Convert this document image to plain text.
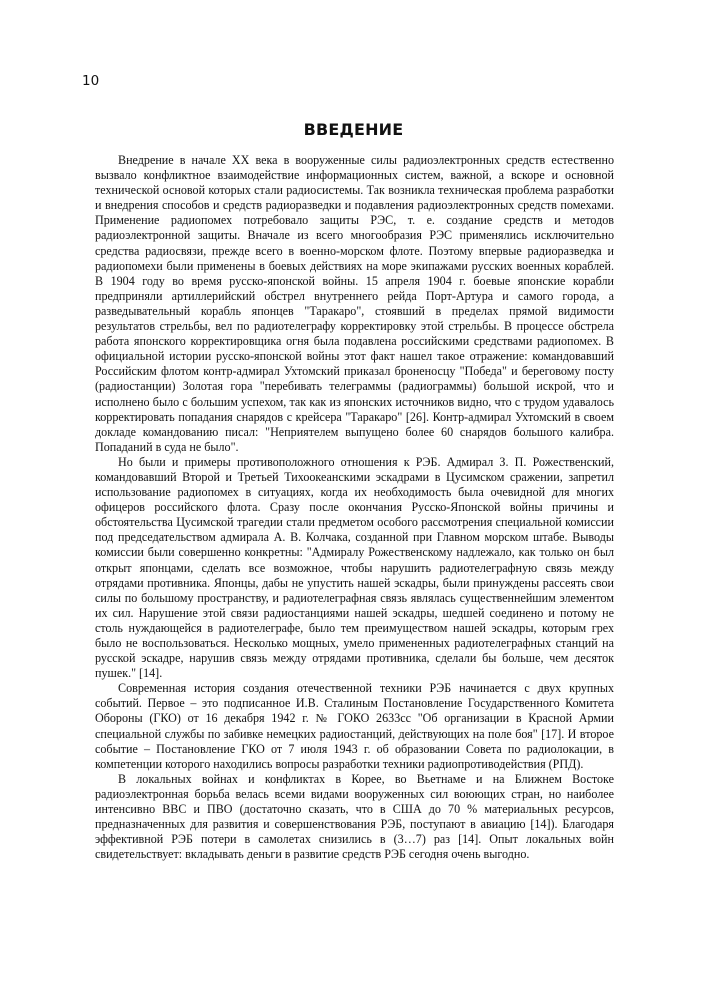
10
ВВЕДЕНИЕ

Внедрение в начале XX века в вооруженные силы радиоэлектронных средств естественно вызвало конфликтное взаимодействие информационных систем, важной, а вскоре и основной технической основой которых стали радиосистемы. Так возникла техническая проблема разработки и внедрения способов и средств радиоразведки и подавления радиоэлектронных средств помехами. Применение радиопомех потребовало защиты РЭС, т. е. создание средств и методов радиоэлектронной защиты. Вначале из всего многообразия РЭС применялись исключительно средства радиосвязи, прежде всего в военно-морском флоте. Поэтому впервые радиоразведка и радиопомехи были применены в боевых действиях на море экипажами русских военных кораблей. В 1904 году во время русско-японской войны. 15 апреля 1904 г. боевые японские корабли предприняли артиллерийский обстрел внутреннего рейда Порт-Артура и самого города, а разведывательный корабль японцев "Таракаро", стоявший в пределах прямой видимости результатов стрельбы, вел по радиотелеграфу корректировку этой стрельбы. В процессе обстрела работа японского корректировщика огня была подавлена российскими средствами радиопомех. В официальной истории русско-японской войны этот факт нашел такое отражение: командовавший Российским флотом контр-адмирал Ухтомский приказал броненосцу "Победа" и береговому посту (радиостанции) Золотая гора "перебивать телеграммы (радиограммы) большой искрой, что и исполнено было с большим успехом, так как из японских источников видно, что с трудом удавалось корректировать попадания снарядов с крейсера "Таракаро" [26]. Контр-адмирал Ухтомский в своем докладе командованию писал: "Неприятелем выпущено более 60 снарядов большого калибра. Попаданий в суда не было".

Но были и примеры противоположного отношения к РЭБ. Адмирал З. П. Рожественский, командовавший Второй и Третьей Тихоокеанскими эскадрами в Цусимском сражении, запретил использование радиопомех в ситуациях, когда их необходимость была очевидной для многих офицеров российского флота. Сразу после окончания Русско-Японской войны причины и обстоятельства Цусимской трагедии стали предметом особого рассмотрения специальной комиссии под председательством адмирала А. В. Колчака, созданной при Главном морском штабе. Выводы комиссии были совершенно конкретны: "Адмиралу Рожественскому надлежало, как только он был открыт японцами, сделать все возможное, чтобы нарушить радиотелеграфную связь между отрядами противника. Японцы, дабы не упустить нашей эскадры, были принуждены рассеять свои силы по большому пространству, и радиотелеграфная связь являлась существеннейшим элементом их сил. Нарушение этой связи радиостанциями нашей эскадры, шедшей соединено и потому не столь нуждающейся в радиотелеграфе, было тем преимуществом нашей эскадры, которым грех было не воспользоваться. Несколько мощных, умело примененных радиотелеграфных станций на русской эскадре, нарушив связь между отрядами противника, сделали бы больше, чем десяток пушек." [14].

Современная история создания отечественной техники РЭБ начинается с двух крупных событий. Первое – это подписанное И.В. Сталиным Постановление Государственного Комитета Обороны (ГКО) от 16 декабря 1942 г. № ГОКО 2633сс "Об организации в Красной Армии специальной службы по забивке немецких радиостанций, действующих на поле боя" [17]. И второе событие – Постановление ГКО от 7 июля 1943 г. об образовании Совета по радиолокации, в компетенции которого находились вопросы разработки техники радиопротиводействия (РПД).

В локальных войнах и конфликтах в Корее, во Вьетнаме и на Ближнем Востоке радиоэлектронная борьба велась всеми видами вооруженных сил воюющих стран, но наиболее интенсивно ВВС и ПВО (достаточно сказать, что в США до 70 % материальных ресурсов, предназначенных для развития и совершенствования РЭБ, поступают в авиацию [14]). Благодаря эффективной РЭБ потери в самолетах снизились в (3…7) раз [14]. Опыт локальных войн свидетельствует: вкладывать деньги в развитие средств РЭБ сегодня очень выгодно.
